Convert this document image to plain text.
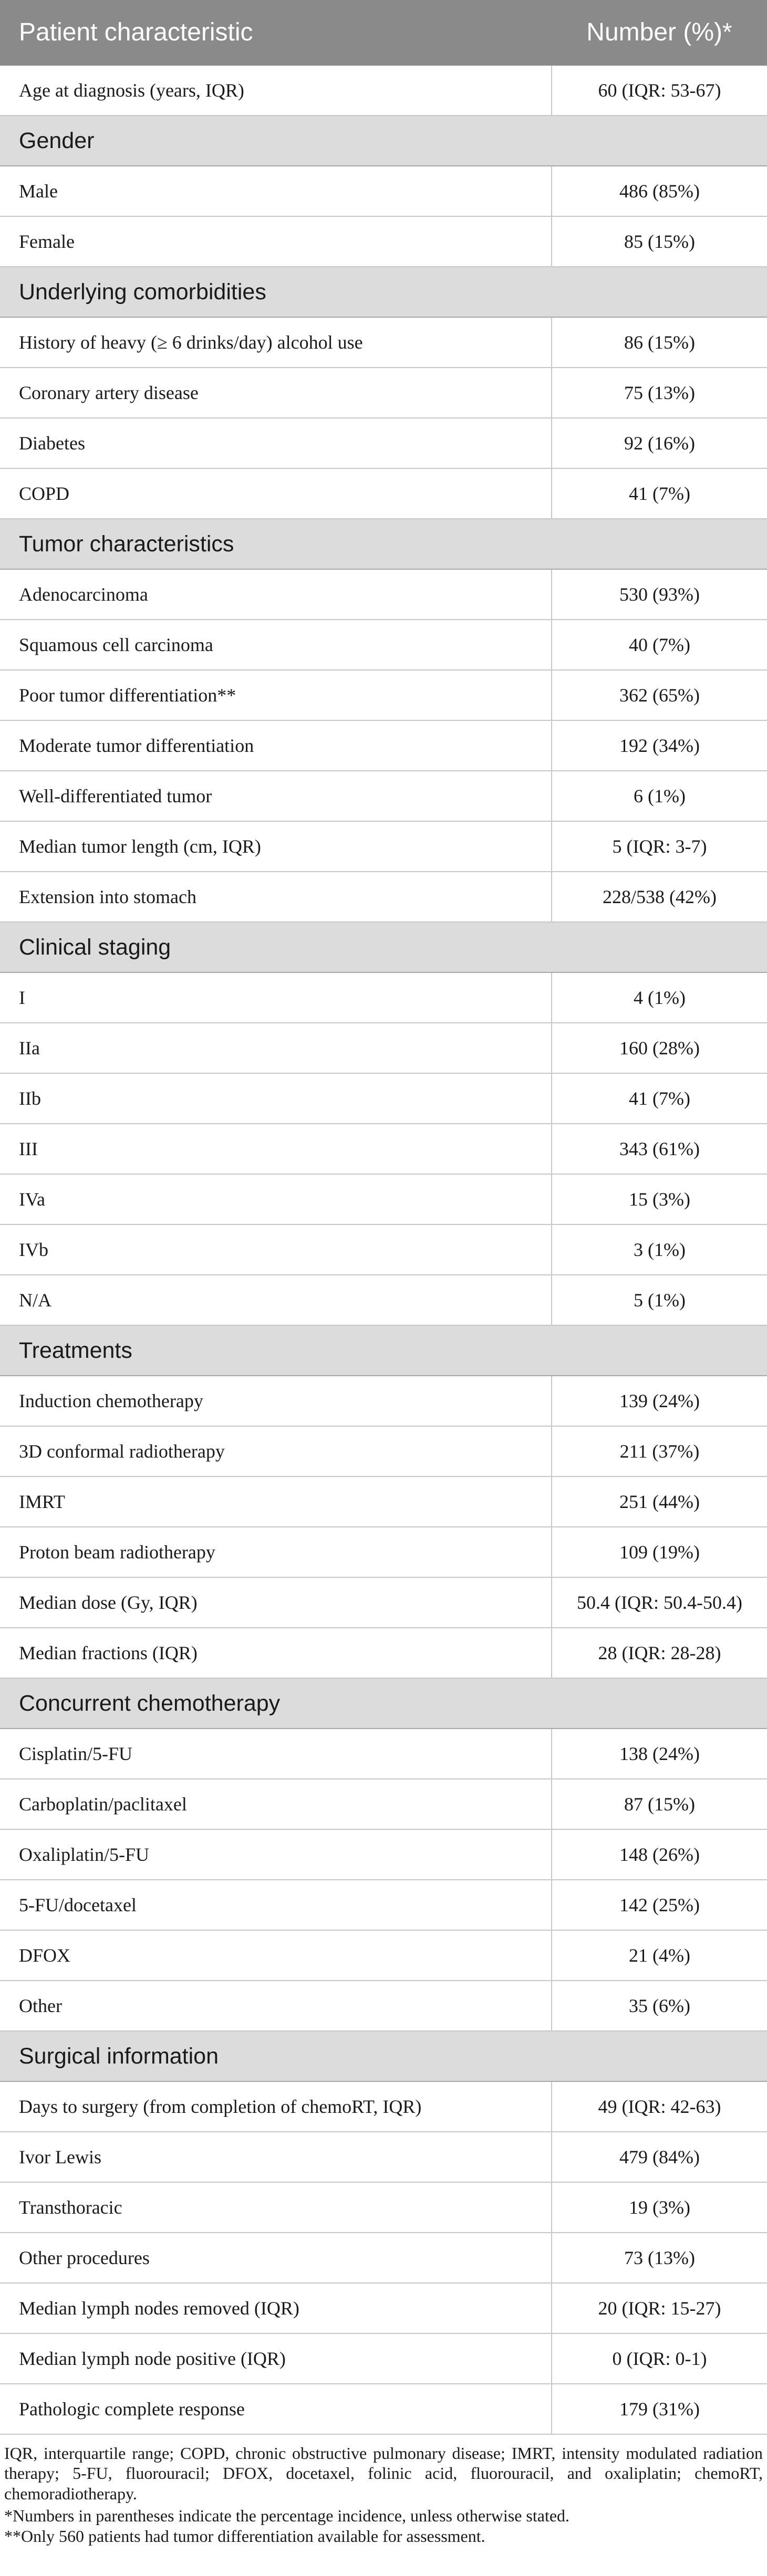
Patient characteristic	Number (%)*
Age at diagnosis (years, IQR)	60 (IQR: 53-67)
Gender	
Male	486 (85%)
Female	85 (15%)
Underlying comorbidities	
History of heavy (≥ 6 drinks/day) alcohol use	86 (15%)
Coronary artery disease	75 (13%)
Diabetes	92 (16%)
COPD	41 (7%)
Tumor characteristics	
Adenocarcinoma	530 (93%)
Squamous cell carcinoma	40 (7%)
Poor tumor differentiation**	362 (65%)
Moderate tumor differentiation	192 (34%)
Well-differentiated tumor	6 (1%)
Median tumor length (cm, IQR)	5 (IQR: 3-7)
Extension into stomach	228/538 (42%)
Clinical staging	
I	4 (1%)
IIa	160 (28%)
IIb	41 (7%)
III	343 (61%)
IVa	15 (3%)
IVb	3 (1%)
N/A	5 (1%)
Treatments	
Induction chemotherapy	139 (24%)
3D conformal radiotherapy	211 (37%)
IMRT	251 (44%)
Proton beam radiotherapy	109 (19%)
Median dose (Gy, IQR)	50.4 (IQR: 50.4-50.4)
Median fractions (IQR)	28 (IQR: 28-28)
Concurrent chemotherapy	
Cisplatin/5-FU	138 (24%)
Carboplatin/paclitaxel	87 (15%)
Oxaliplatin/5-FU	148 (26%)
5-FU/docetaxel	142 (25%)
DFOX	21 (4%)
Other	35 (6%)
Surgical information	
Days to surgery (from completion of chemoRT, IQR)	49 (IQR: 42-63)
Ivor Lewis	479 (84%)
Transthoracic	19 (3%)
Other procedures	73 (13%)
Median lymph nodes removed (IQR)	20 (IQR: 15-27)
Median lymph node positive (IQR)	0 (IQR: 0-1)
Pathologic complete response	179 (31%)

IQR, interquartile range; COPD, chronic obstructive pulmonary disease; IMRT, intensity modulated radiation therapy; 5-FU, fluorouracil; DFOX, docetaxel, folinic acid, fluorouracil, and oxaliplatin; chemoRT, chemoradiotherapy.

*Numbers in parentheses indicate the percentage incidence, unless otherwise stated.

**Only 560 patients had tumor differentiation available for assessment.
